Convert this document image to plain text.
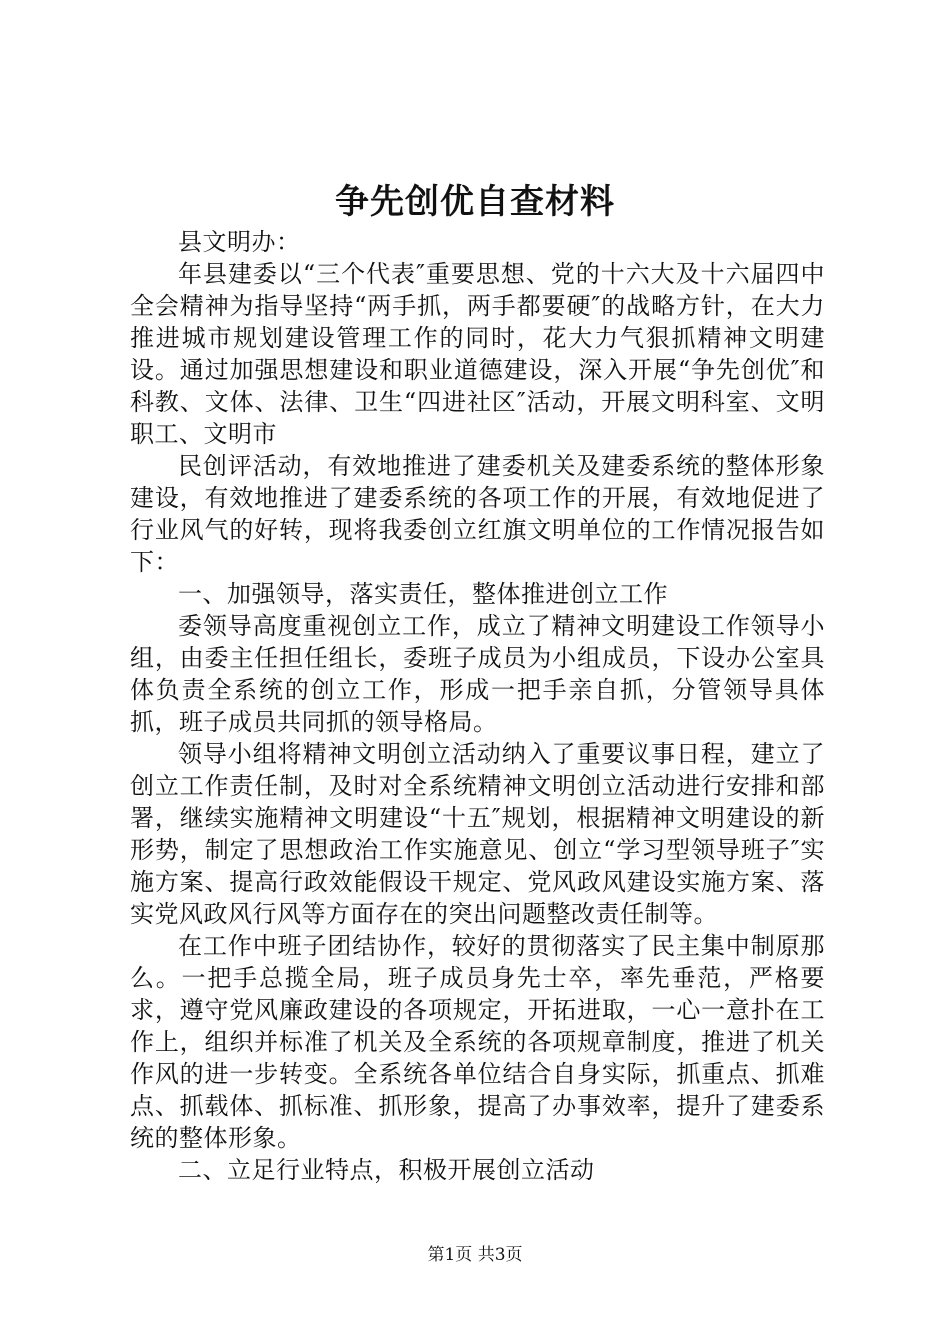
争先创优自查材料

县文明办：

年县建委以“三个代表″重要思想、党的十六大及十六届四中全会精神为指导坚持“两手抓，两手都要硬″的战略方针，在大力推进城市规划建设管理工作的同时，花大力气狠抓精神文明建设。通过加强思想建设和职业道德建设，深入开展“争先创优″和科教、文体、法律、卫生“四进社区″活动，开展文明科室、文明职工、文明市

民创评活动，有效地推进了建委机关及建委系统的整体形象建设，有效地推进了建委系统的各项工作的开展，有效地促进了行业风气的好转，现将我委创立红旗文明单位的工作情况报告如下：

一、加强领导，落实责任，整体推进创立工作

委领导高度重视创立工作，成立了精神文明建设工作领导小组，由委主任担任组长，委班子成员为小组成员，下设办公室具体负责全系统的创立工作，形成一把手亲自抓，分管领导具体抓，班子成员共同抓的领导格局。

领导小组将精神文明创立活动纳入了重要议事日程，建立了创立工作责任制，及时对全系统精神文明创立活动进行安排和部署，继续实施精神文明建设“十五″规划，根据精神文明建设的新形势，制定了思想政治工作实施意见、创立“学习型领导班子″实施方案、提高行政效能假设干规定、党风政风建设实施方案、落实党风政风行风等方面存在的突出问题整改责任制等。

在工作中班子团结协作，较好的贯彻落实了民主集中制原那么。一把手总揽全局，班子成员身先士卒，率先垂范，严格要求，遵守党风廉政建设的各项规定，开拓进取，一心一意扑在工作上，组织并标准了机关及全系统的各项规章制度，推进了机关作风的进一步转变。全系统各单位结合自身实际，抓重点、抓难点、抓载体、抓标准、抓形象，提高了办事效率，提升了建委系统的整体形象。

二、立足行业特点，积极开展创立活动

第1页 共3页
